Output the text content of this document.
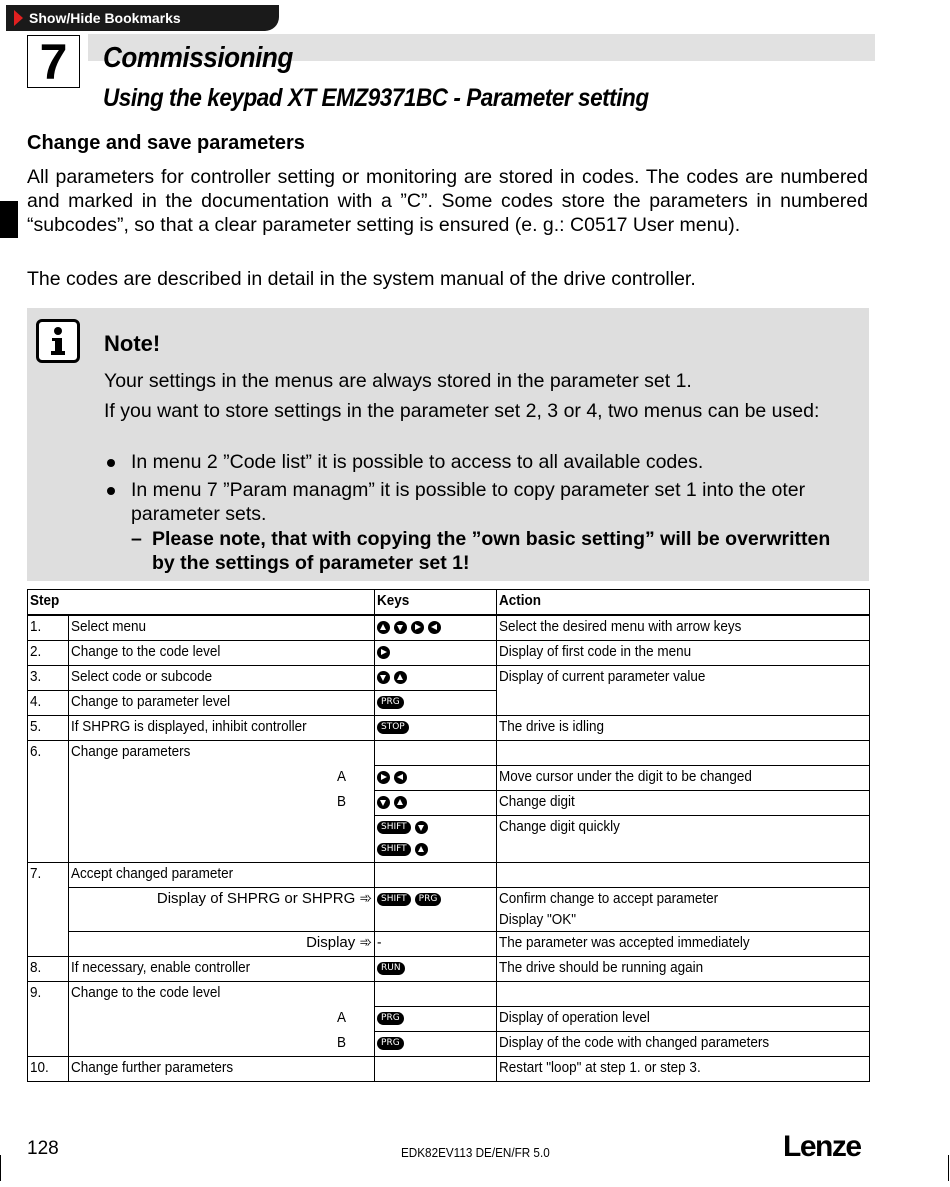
Show/Hide Bookmarks
7	Commissioning
Using the keypad XT EMZ9371BC - Parameter setting
Change and save parameters
All parameters for controller setting or monitoring are stored in codes. The codes are numbered and marked in the documentation with a ”C”. Some codes store the parameters in numbered “subcodes”, so that a clear parameter setting is ensured (e. g.: C0517 User menu).
The codes are described in detail in the system manual of the drive controller.
Note!
Your settings in the menus are always stored in the parameter set 1.
If you want to store settings in the parameter set 2, 3 or 4, two menus can be used:
In menu 2 ”Code list” it is possible to access to all available codes.
In menu 7 ”Param managm” it is possible to copy parameter set 1 into the oter parameter sets.
– Please note, that with copying the ”own basic setting” will be overwritten by the settings of parameter set 1!
Step		Keys	Action
1.	Select menu		Select the desired menu with arrow keys
2.	Change to the code level		Display of first code in the menu
3.	Select code or subcode		Display of current parameter value
4.	Change to parameter level	PRG	
5.	If SHPRG is displayed, inhibit controller	STOP	The drive is idling
6.	Change parameters		

	A		Move cursor under the digit to be changed

	B		Change digit

		SHIFT
SHIFT	Change digit quickly
7.	Accept changed parameter		
	Display of SHPRG or SHPRG ➾	SHIFT PRG	Confirm change to accept parameter
Display "OK"
	Display ➾	-	The parameter was accepted immediately
8.	If necessary, enable controller	RUN	The drive should be running again
9.	Change to the code level		

	A	PRG	Display of operation level

	B	PRG	Display of the code with changed parameters
10.	Change further parameters		Restart "loop" at step 1. or step 3.
128	EDK82EV113 DE/EN/FR 5.0	Lenze
